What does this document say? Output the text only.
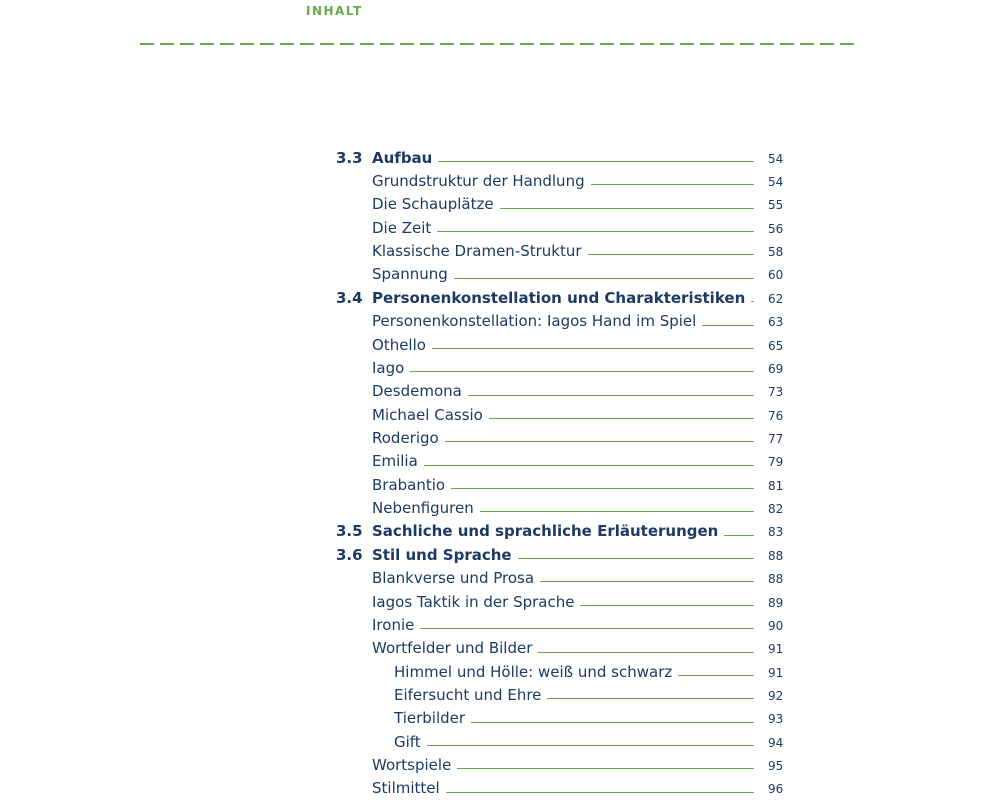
INHALT
3.3 Aufbau	54
Grundstruktur der Handlung	54
Die Schauplätze	55
Die Zeit	56
Klassische Dramen-Struktur	58
Spannung	60
3.4 Personenkonstellation und Charakteristiken 62
Personenkonstellation: Iagos Hand im Spiel	63
Othello	65
Iago	69
Desdemona	73
Michael Cassio	76
Roderigo	77
Emilia	79
Brabantio	81
Nebenfiguren	82
3.5 Sachliche und sprachliche Erläuterungen	83
3.6 Stil und Sprache	88
Blankverse und Prosa	88
Iagos Taktik in der Sprache	89
Ironie	90
Wortfelder und Bilder	91
Himmel und Hölle: weiß und schwarz	91
Eifersucht und Ehre	92
Tierbilder	93
Gift	94
Wortspiele	95
Stilmittel	96
